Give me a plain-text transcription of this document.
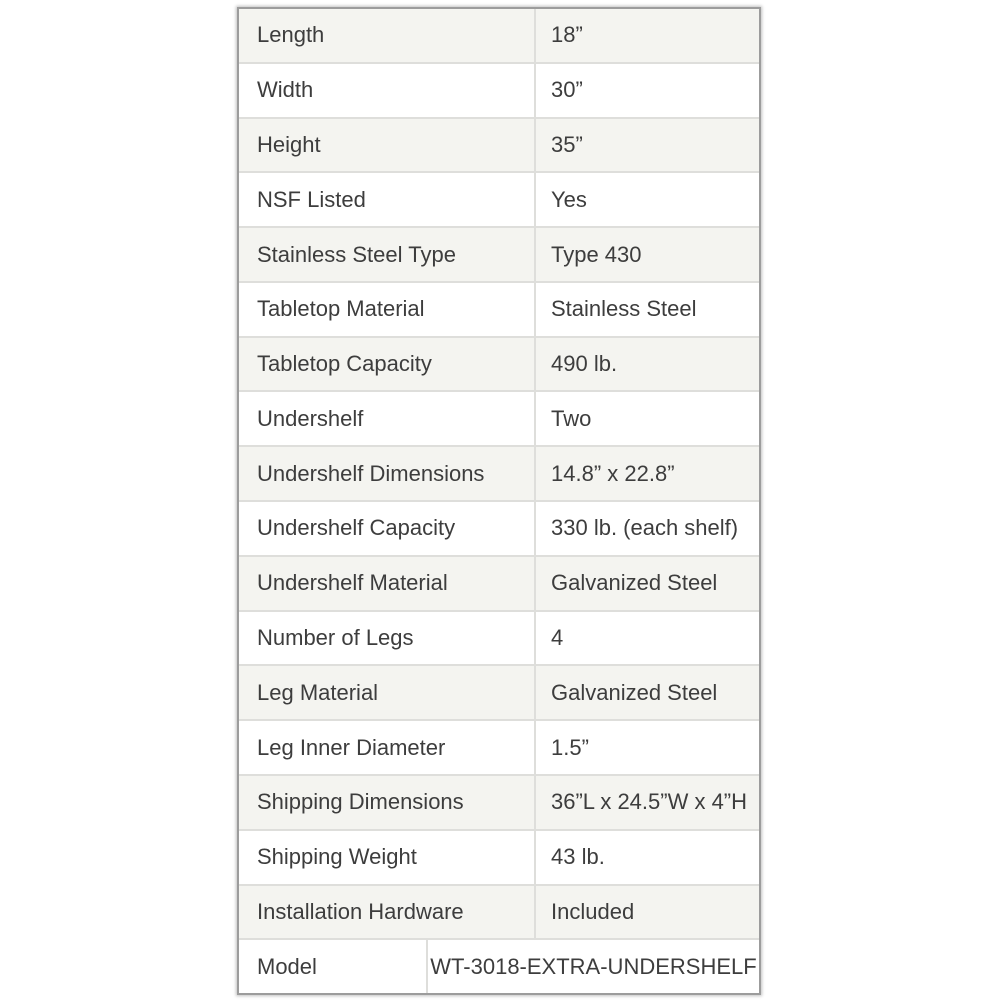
Length	18”
Width	30”
Height	35”
NSF Listed	Yes
Stainless Steel Type	Type 430
Tabletop Material	Stainless Steel
Tabletop Capacity	490 lb.
Undershelf	Two
Undershelf Dimensions	14.8” x 22.8”
Undershelf Capacity	330 lb. (each shelf)
Undershelf Material	Galvanized Steel
Number of Legs	4
Leg Material	Galvanized Steel
Leg Inner Diameter	1.5”
Shipping Dimensions	36”L x 24.5”W x 4”H
Shipping Weight	43 lb.
Installation Hardware	Included
Model	WT-3018-EXTRA-UNDERSHELF
